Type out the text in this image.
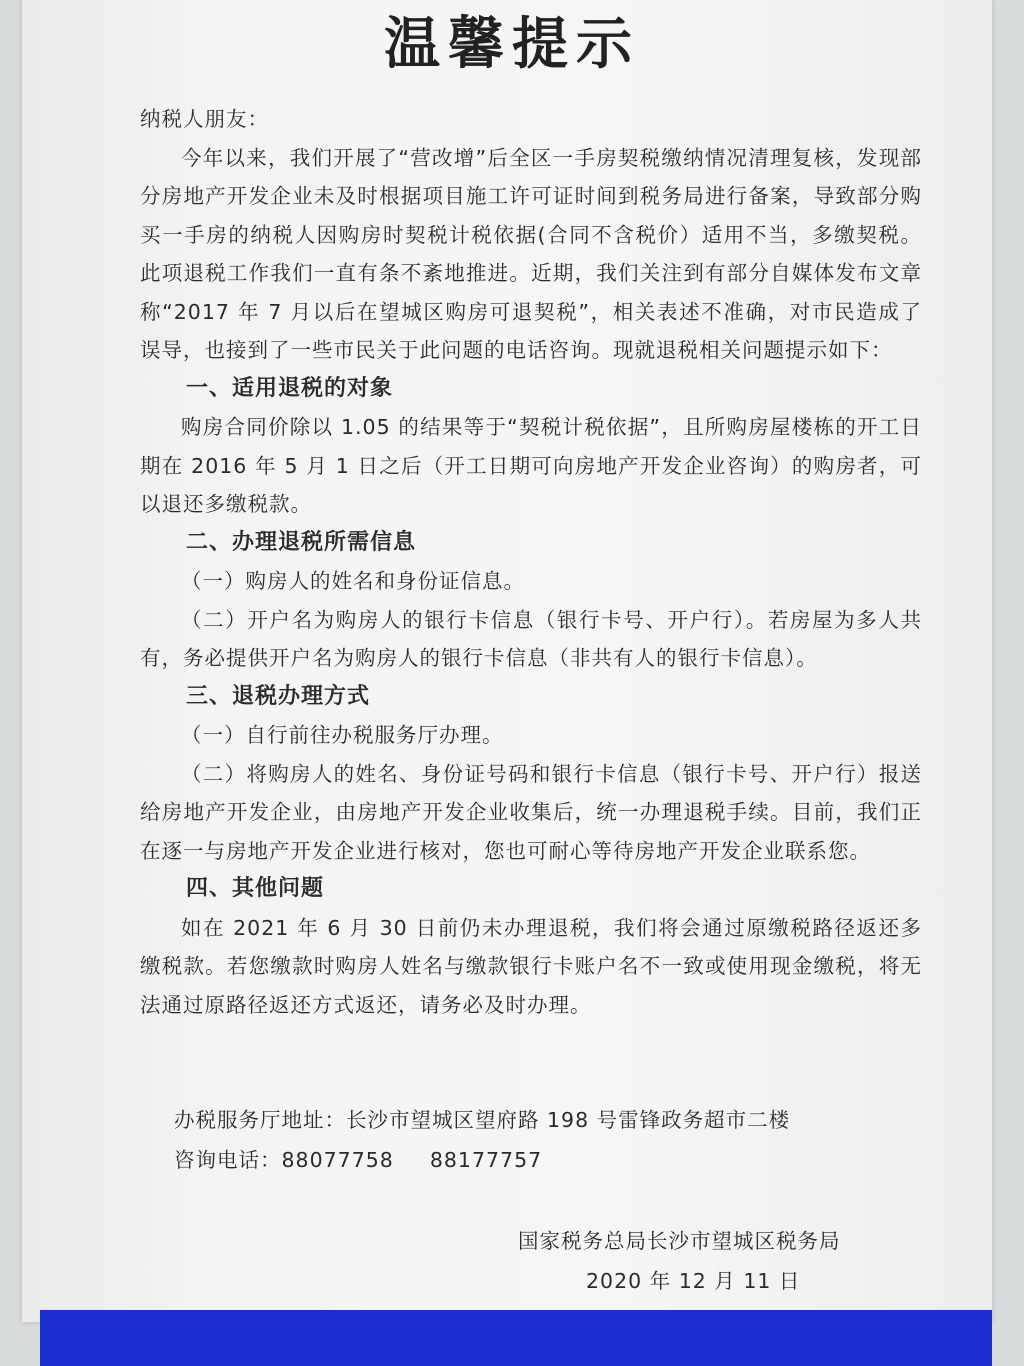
温馨提示

纳税人朋友：

今年以来，我们开展了“营改增”后全区一手房契税缴纳情况清理复核，发现部分房地产开发企业未及时根据项目施工许可证时间到税务局进行备案，导致部分购买一手房的纳税人因购房时契税计税依据(合同不含税价）适用不当，多缴契税。此项退税工作我们一直有条不紊地推进。近期，我们关注到有部分自媒体发布文章称“2017 年 7 月以后在望城区购房可退契税”，相关表述不准确，对市民造成了误导，也接到了一些市民关于此问题的电话咨询。现就退税相关问题提示如下：

一、适用退税的对象

购房合同价除以 1.05 的结果等于“契税计税依据”，且所购房屋楼栋的开工日期在 2016 年 5 月 1 日之后（开工日期可向房地产开发企业咨询）的购房者，可以退还多缴税款。

二、办理退税所需信息

（一）购房人的姓名和身份证信息。

（二）开户名为购房人的银行卡信息（银行卡号、开户行）。若房屋为多人共有，务必提供开户名为购房人的银行卡信息（非共有人的银行卡信息）。

三、退税办理方式

（一）自行前往办税服务厅办理。

（二）将购房人的姓名、身份证号码和银行卡信息（银行卡号、开户行）报送给房地产开发企业，由房地产开发企业收集后，统一办理退税手续。目前，我们正在逐一与房地产开发企业进行核对，您也可耐心等待房地产开发企业联系您。

四、其他问题

如在 2021 年 6 月 30 日前仍未办理退税，我们将会通过原缴税路径返还多缴税款。若您缴款时购房人姓名与缴款银行卡账户名不一致或使用现金缴税，将无法通过原路径返还方式返还，请务必及时办理。

办税服务厅地址：长沙市望城区望府路 198 号雷锋政务超市二楼
咨询电话：88077758 88177757
国家税务总局长沙市望城区税务局
2020 年 12 月 11 日
